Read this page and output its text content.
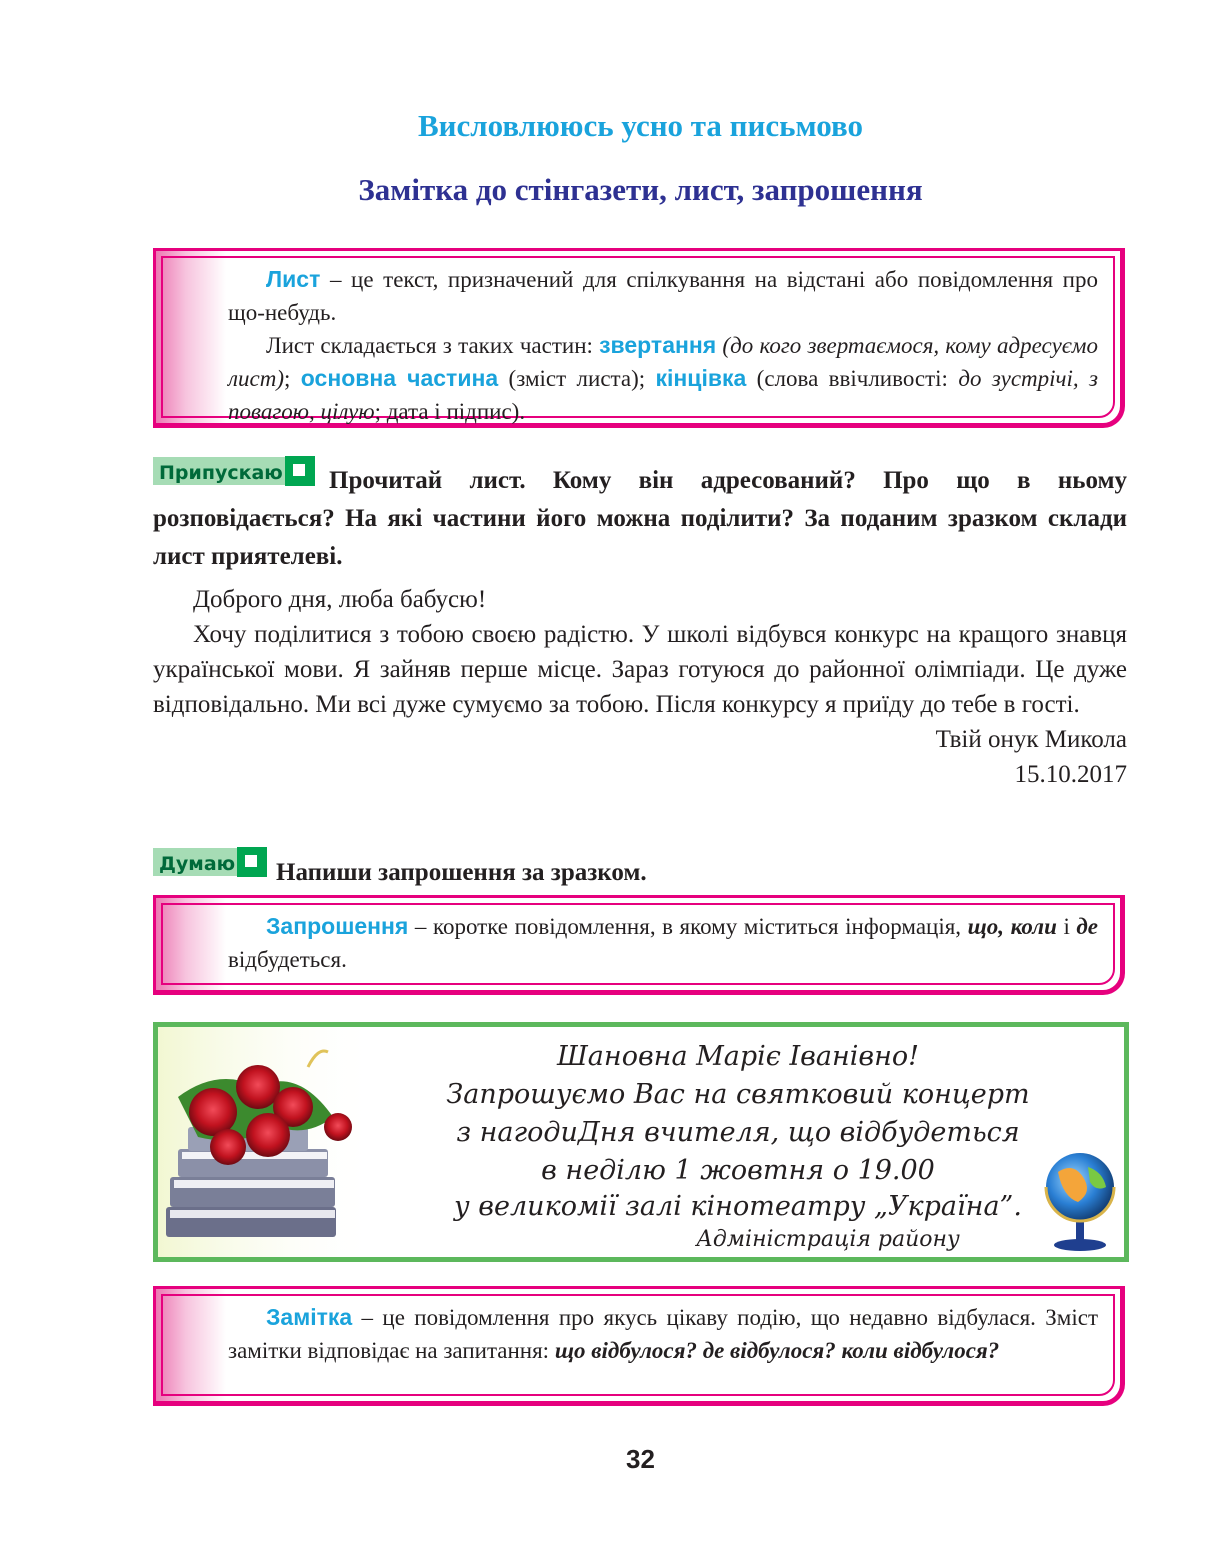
Висловлююсь усно та письмово
Замітка до стінгазети, лист, запрошення
Лист – це текст, призначений для спілкування на відстані або повідомлення про що-небудь.
Лист складається з таких частин: звертання (до кого звертаємося, кому адресуємо лист); основна частина (зміст листа); кінцівка (слова ввічливості: до зустрічі, з повагою, цілую; дата і підпис).
Припускаю	Прочитай лист. Кому він адресований? Про що в ньому розповідається? На які частини його можна поділити? За поданим зразком склади лист приятелеві.
Доброго дня, люба бабусю!
Хочу поділитися з тобою своєю радістю. У школі відбувся конкурс на кращого знавця української мови. Я зайняв перше місце. Зараз готуюся до районної олімпіади. Це дуже відповідально. Ми всі дуже сумуємо за тобою. Після конкурсу я приїду до тебе в гості.
Твій онук Микола
15.10.2017
Думаю Напиши запрошення за зразком.
Запрошення – коротке повідомлення, в якому міститься інформація, що, коли і де відбудеться.
Шановна Маріє Іванівно!
Запрошуємо Вас на святковий концерт
з нагодиДня вчителя, що відбудеться
в неділю 1 жовтня о 19.00
у великомії залі кінотеатру „Україна”.
Адміністрація району
Замітка – це повідомлення про якусь цікаву подію, що недавно відбулася. Зміст замітки відповідає на запитання: що відбулося? де відбулося? коли відбулося?
32
